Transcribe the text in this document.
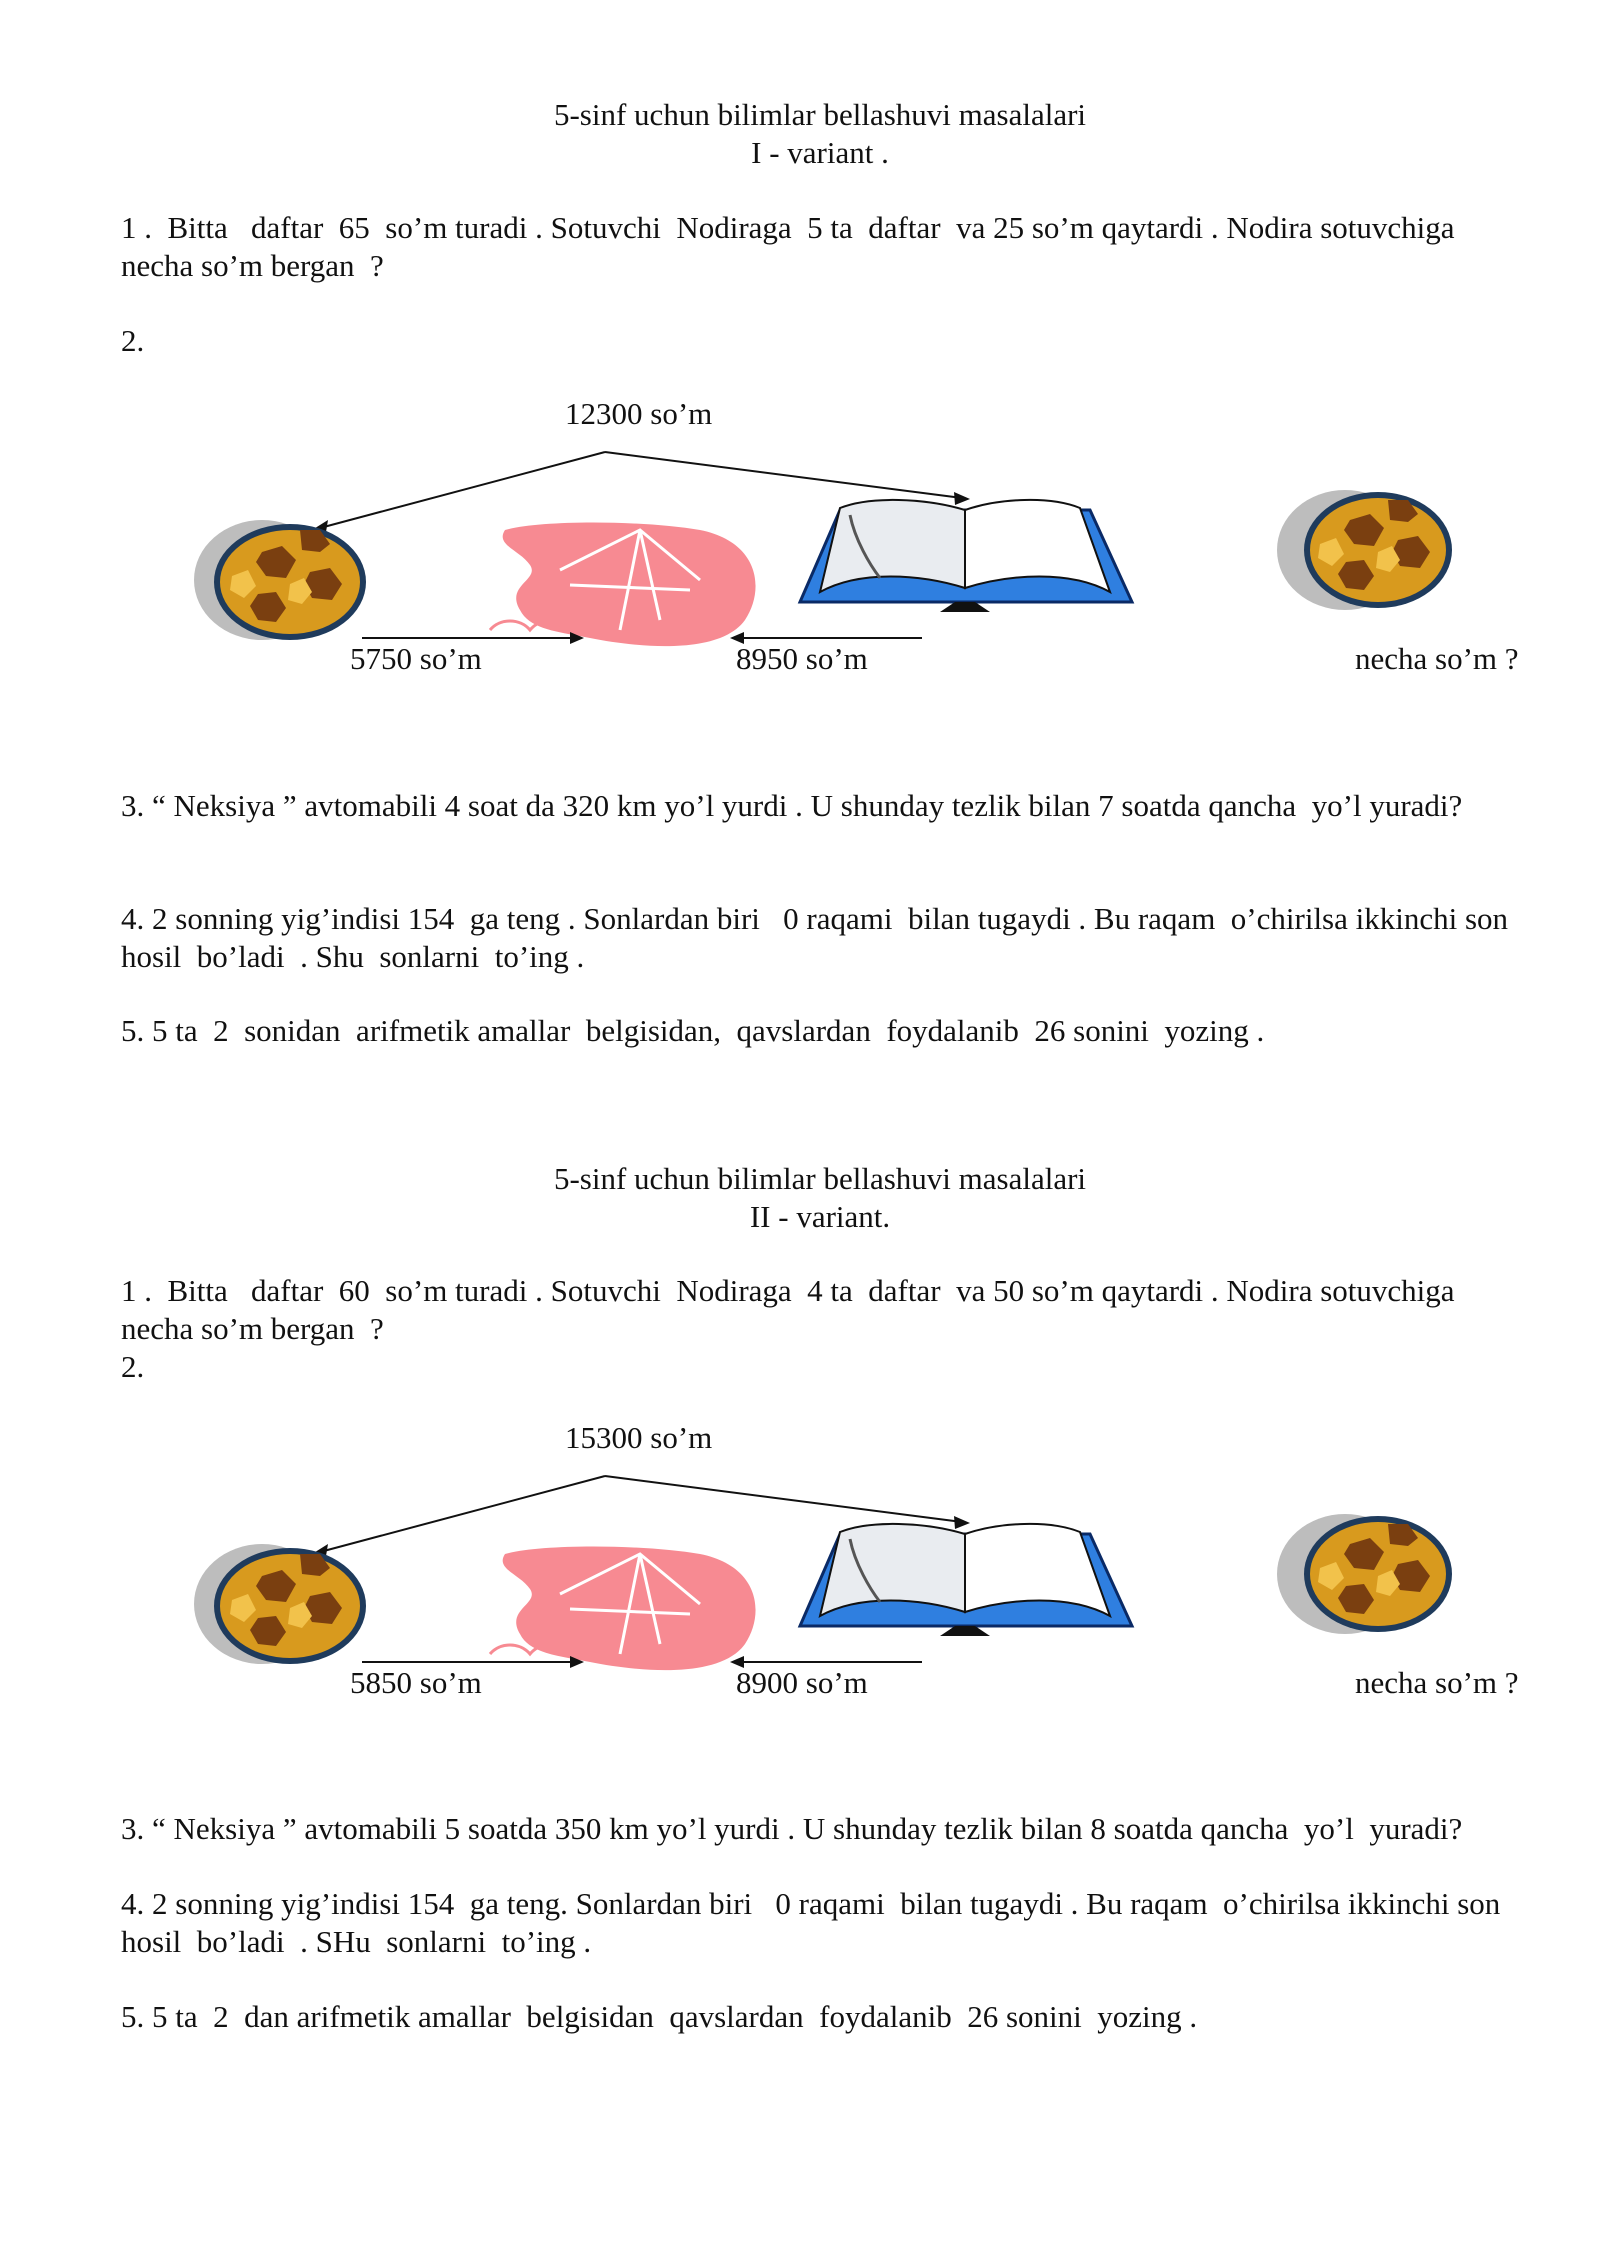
5-sinf uchun bilimlar bellashuvi masalalari
I - variant .
1 .  Bitta   daftar  65  so’m turadi . Sotuvchi  Nodiraga  5 ta  daftar  va 25 so’m qaytardi . Nodira sotuvchiga  necha so’m bergan  ?
2.
12300 so’m
5750 so’m	8950 so’m	necha so’m ?
3. “ Neksiya ” avtomabili 4 soat da 320 km yo’l yurdi . U shunday tezlik bilan 7 soatda qancha  yo’l yuradi?
4. 2 sonning yig’indisi 154  ga teng . Sonlardan biri   0 raqami  bilan tugaydi . Bu raqam  o’chirilsa ikkinchi son hosil  bo’ladi  . Shu  sonlarni  to’ing .
5. 5 ta  2  sonidan  arifmetik amallar  belgisidan,  qavslardan  foydalanib  26 sonini  yozing .
5-sinf uchun bilimlar bellashuvi masalalari
II - variant.
1 .  Bitta   daftar  60  so’m turadi . Sotuvchi  Nodiraga  4 ta  daftar  va 50 so’m qaytardi . Nodira sotuvchiga  necha so’m bergan  ?
2.
15300 so’m
5850 so’m	8900 so’m	necha so’m ?
3. “ Neksiya ” avtomabili 5 soatda 350 km yo’l yurdi . U shunday tezlik bilan 8 soatda qancha  yo’l  yuradi?
4. 2 sonning yig’indisi 154  ga teng. Sonlardan biri   0 raqami  bilan tugaydi . Bu raqam  o’chirilsa ikkinchi son hosil  bo’ladi  . SHu  sonlarni  to’ing .
5. 5 ta  2  dan arifmetik amallar  belgisidan  qavslardan  foydalanib  26 sonini  yozing .
